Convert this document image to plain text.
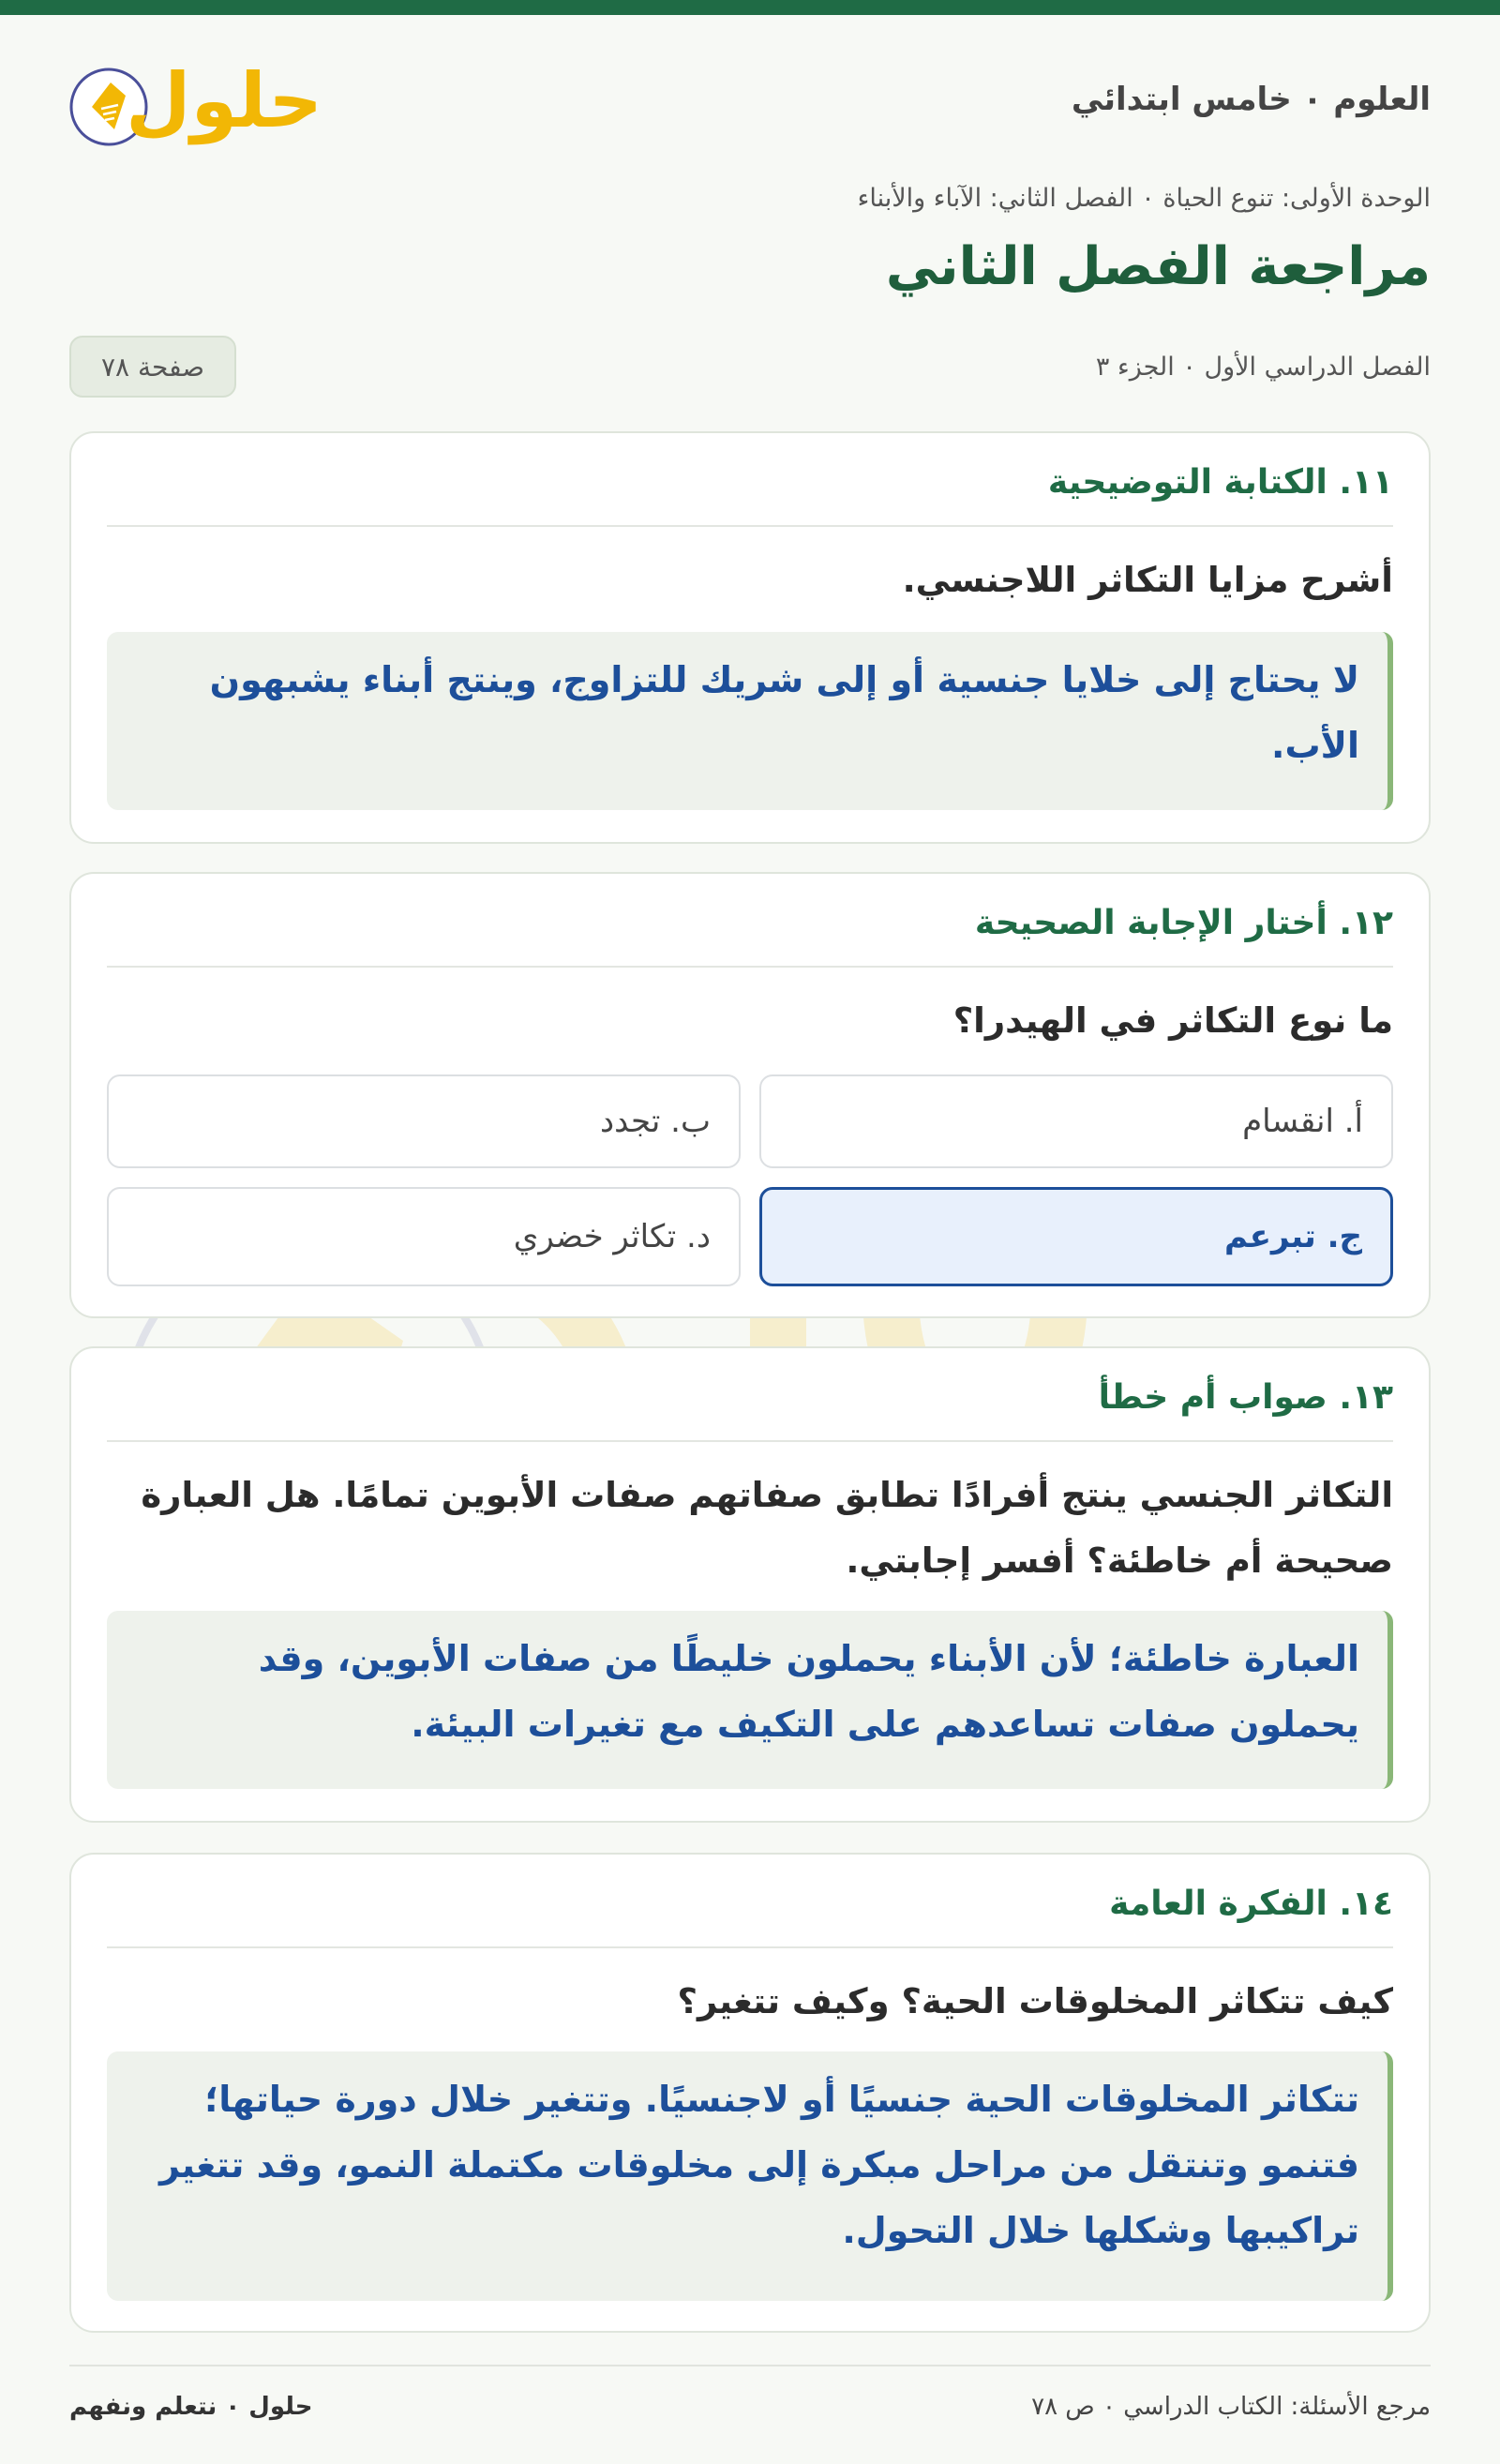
العلوم ٠ خامس ابتدائي
حلول
الوحدة الأولى: تنوع الحياة ٠ الفصل الثاني: الآباء والأبناء
مراجعة الفصل الثاني
الفصل الدراسي الأول ٠ الجزء ٣
صفحة ٧٨
١١. الكتابة التوضيحية
أشرح مزايا التكاثر اللاجنسي.
لا يحتاج إلى خلايا جنسية أو إلى شريك للتزاوج، وينتج أبناء يشبهون الأب.
١٢. أختار الإجابة الصحيحة
ما نوع التكاثر في الهيدرا؟
أ. انقسام
ب. تجدد
ج. تبرعم
د. تكاثر خضري
١٣. صواب أم خطأ
التكاثر الجنسي ينتج أفرادًا تطابق صفاتهم صفات الأبوين تمامًا. هل العبارة صحيحة أم خاطئة؟ أفسر إجابتي.
العبارة خاطئة؛ لأن الأبناء يحملون خليطًا من صفات الأبوين، وقد يحملون صفات تساعدهم على التكيف مع تغيرات البيئة.
١٤. الفكرة العامة
كيف تتكاثر المخلوقات الحية؟ وكيف تتغير؟
تتكاثر المخلوقات الحية جنسيًا أو لاجنسيًا. وتتغير خلال دورة حياتها؛ فتنمو وتنتقل من مراحل مبكرة إلى مخلوقات مكتملة النمو، وقد تتغير تراكيبها وشكلها خلال التحول.
مرجع الأسئلة: الكتاب الدراسي ٠ ص ٧٨
حلول ٠ نتعلم ونفهم
